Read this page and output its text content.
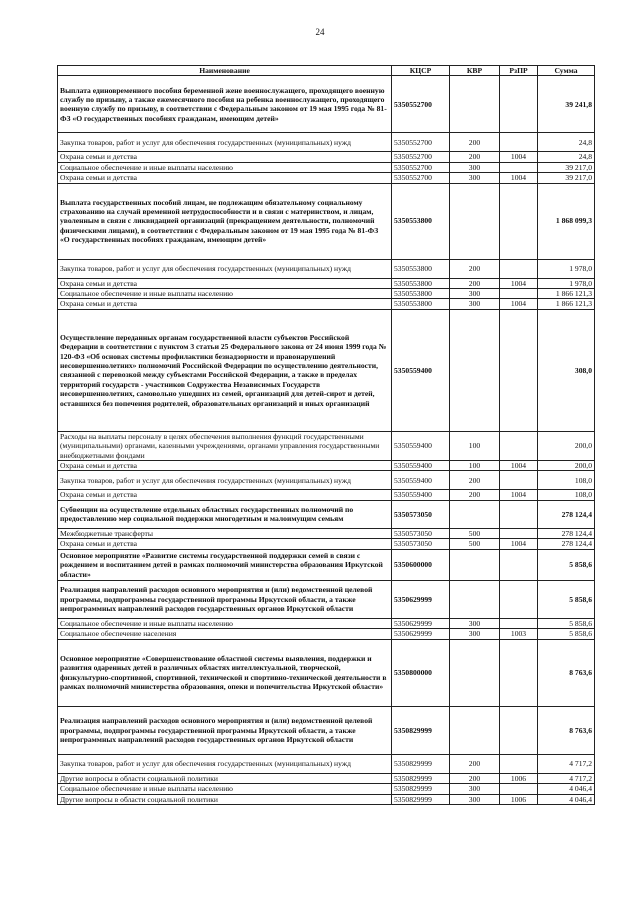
24
Наименование	КЦСР	КВР	РзПР	Сумма
Выплата единовременного пособия беременной жене военнослужащего, проходящего военную службу по призыву, а также ежемесячного пособия на ребенка военнослужащего, проходящего военную службу по призыву, в соответствии с Федеральным законом от 19 мая 1995 года № 81-ФЗ «О государственных пособиях гражданам, имеющим детей»	5350552700			39 241,8
Закупка товаров, работ и услуг для обеспечения государственных (муниципальных) нужд	5350552700	200		24,8
Охрана семьи и детства	5350552700	200	1004	24,8
Социальное обеспечение и иные выплаты населению	5350552700	300		39 217,0
Охрана семьи и детства	5350552700	300	1004	39 217,0
Выплата государственных пособий лицам, не подлежащим обязательному социальному страхованию на случай временной нетрудоспособности и в связи с материнством, и лицам, уволенным в связи с ликвидацией организаций (прекращением деятельности, полномочий физическими лицами), в соответствии с Федеральным законом от 19 мая 1995 года № 81-ФЗ «О государственных пособиях гражданам, имеющим детей»	5350553800			1 868 099,3
Закупка товаров, работ и услуг для обеспечения государственных (муниципальных) нужд	5350553800	200		1 978,0
Охрана семьи и детства	5350553800	200	1004	1 978,0
Социальное обеспечение и иные выплаты населению	5350553800	300		1 866 121,3
Охрана семьи и детства	5350553800	300	1004	1 866 121,3
Осуществление переданных органам государственной власти субъектов Российской Федерации в соответствии с пунктом 3 статьи 25 Федерального закона от 24 июня 1999 года № 120-ФЗ «Об основах системы профилактики безнадзорности и правонарушений несовершеннолетних» полномочий Российской Федерации по осуществлению деятельности, связанной с перевозкой между субъектами Российской Федерации, а также в пределах территорий государств - участников Содружества Независимых Государств несовершеннолетних, самовольно ушедших из семей, организаций для детей-сирот и детей, оставшихся без попечения родителей, образовательных организаций и иных организаций	5350559400			308,0
Расходы на выплаты персоналу в целях обеспечения выполнения функций государственными (муниципальными) органами, казенными учреждениями, органами управления государственными внебюджетными фондами	5350559400	100		200,0
Охрана семьи и детства	5350559400	100	1004	200,0
Закупка товаров, работ и услуг для обеспечения государственных (муниципальных) нужд	5350559400	200		108,0
Охрана семьи и детства	5350559400	200	1004	108,0
Субвенции на осуществление отдельных областных государственных полномочий по предоставлению мер социальной поддержки многодетным и малоимущим семьям	5350573050			278 124,4
Межбюджетные трансферты	5350573050	500		278 124,4
Охрана семьи и детства	5350573050	500	1004	278 124,4
Основное мероприятие «Развитие системы государственной поддержки семей в связи с рождением и воспитанием детей в рамках полномочий министерства образования Иркутской области»	5350600000			5 858,6
Реализация направлений расходов основного мероприятия и (или) ведомственной целевой программы, подпрограммы государственной программы Иркутской области, а также непрограммных направлений расходов государственных органов Иркутской области	5350629999			5 858,6
Социальное обеспечение и иные выплаты населению	5350629999	300		5 858,6
Социальное обеспечение населения	5350629999	300	1003	5 858,6
Основное мероприятие «Совершенствование областной системы выявления, поддержки и развития одаренных детей в различных областях интеллектуальной, творческой, физкультурно-спортивной, спортивной, технической и спортивно-технической деятельности в рамках полномочий министерства образования, опеки и попечительства Иркутской области»	5350800000			8 763,6
Реализация направлений расходов основного мероприятия и (или) ведомственной целевой программы, подпрограммы государственной программы Иркутской области, а также непрограммных направлений расходов государственных органов Иркутской области	5350829999			8 763,6
Закупка товаров, работ и услуг для обеспечения государственных (муниципальных) нужд	5350829999	200		4 717,2
Другие вопросы в области социальной политики	5350829999	200	1006	4 717,2
Социальное обеспечение и иные выплаты населению	5350829999	300		4 046,4
Другие вопросы в области социальной политики	5350829999	300	1006	4 046,4
